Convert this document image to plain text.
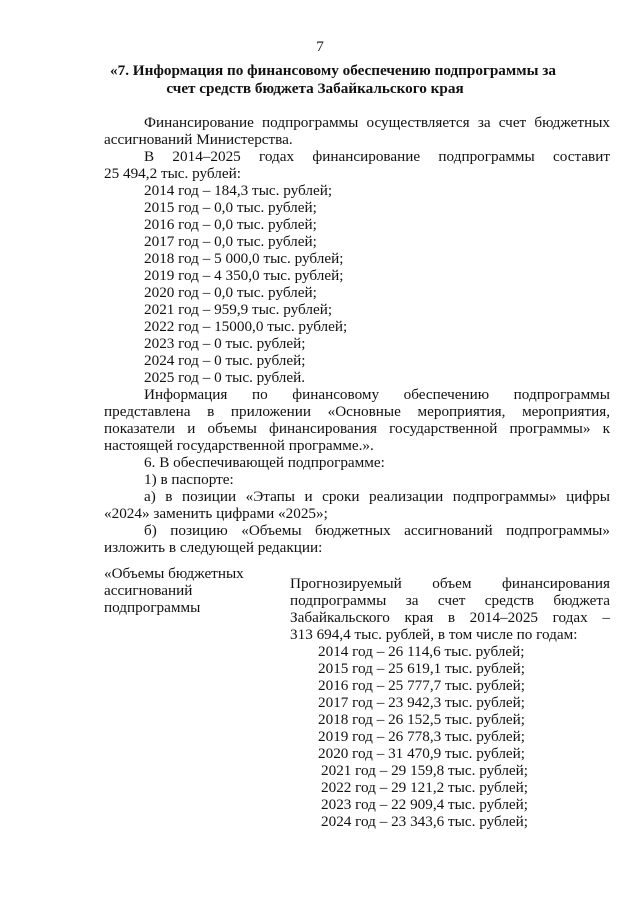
7
«7. Информация по финансовому обеспечению подпрограммы за
счет средств бюджета Забайкальского края
Финансирование подпрограммы осуществляется за счет бюджетных
ассигнований Министерства.
В 2014–2025 годах финансирование подпрограммы составит
25 494,2 тыс. рублей:
2014 год – 184,3 тыс. рублей;
2015 год – 0,0 тыс. рублей;
2016 год – 0,0 тыс. рублей;
2017 год – 0,0 тыс. рублей;
2018 год – 5 000,0 тыс. рублей;
2019 год – 4 350,0 тыс. рублей;
2020 год – 0,0 тыс. рублей;
2021 год – 959,9 тыс. рублей;
2022 год – 15000,0 тыс. рублей;
2023 год – 0 тыс. рублей;
2024 год – 0 тыс. рублей;
2025 год – 0 тыс. рублей.
Информация по финансовому обеспечению подпрограммы
представлена в приложении «Основные мероприятия, мероприятия,
показатели и объемы финансирования государственной программы» к
настоящей государственной программе.».
6. В обеспечивающей подпрограмме:
1) в паспорте:
а) в позиции «Этапы и сроки реализации подпрограммы» цифры
«2024» заменить цифрами «2025»;
б) позицию «Объемы бюджетных ассигнований подпрограммы»
изложить в следующей редакции:
«Объемы бюджетных
ассигнований
подпрограммы
Прогнозируемый объем финансирования
подпрограммы за счет средств бюджета
Забайкальского края в 2014–2025 годах –
313 694,4 тыс. рублей, в том числе по годам:
2014 год – 26 114,6 тыс. рублей;
2015 год – 25 619,1 тыс. рублей;
2016 год – 25 777,7 тыс. рублей;
2017 год – 23 942,3 тыс. рублей;
2018 год – 26 152,5 тыс. рублей;
2019 год – 26 778,3 тыс. рублей;
2020 год – 31 470,9 тыс. рублей;
2021 год – 29 159,8 тыс. рублей;
2022 год – 29 121,2 тыс. рублей;
2023 год – 22 909,4 тыс. рублей;
2024 год – 23 343,6 тыс. рублей;
